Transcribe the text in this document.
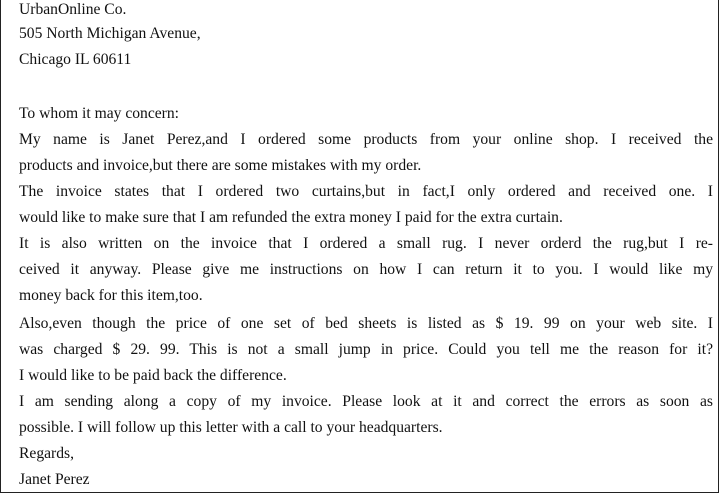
UrbanOnline Co.
505 North Michigan Avenue,
Chicago IL 60611
To whom it may concern:
My name is Janet Perez,and I ordered some products from your online shop. I received the
products and invoice,but there are some mistakes with my order.
The invoice states that I ordered two curtains,but in fact,I only ordered and received one. I
would like to make sure that I am refunded the extra money I paid for the extra curtain.
It is also written on the invoice that I ordered a small rug. I never orderd the rug,but I re-
ceived it anyway. Please give me instructions on how I can return it to you. I would like my
money back for this item,too.
Also,even though the price of one set of bed sheets is listed as $ 19. 99 on your web site. I
was charged $ 29. 99. This is not a small jump in price. Could you tell me the reason for it?
I would like to be paid back the difference.
I am sending along a copy of my invoice. Please look at it and correct the errors as soon as
possible. I will follow up this letter with a call to your headquarters.
Regards,
Janet Perez
